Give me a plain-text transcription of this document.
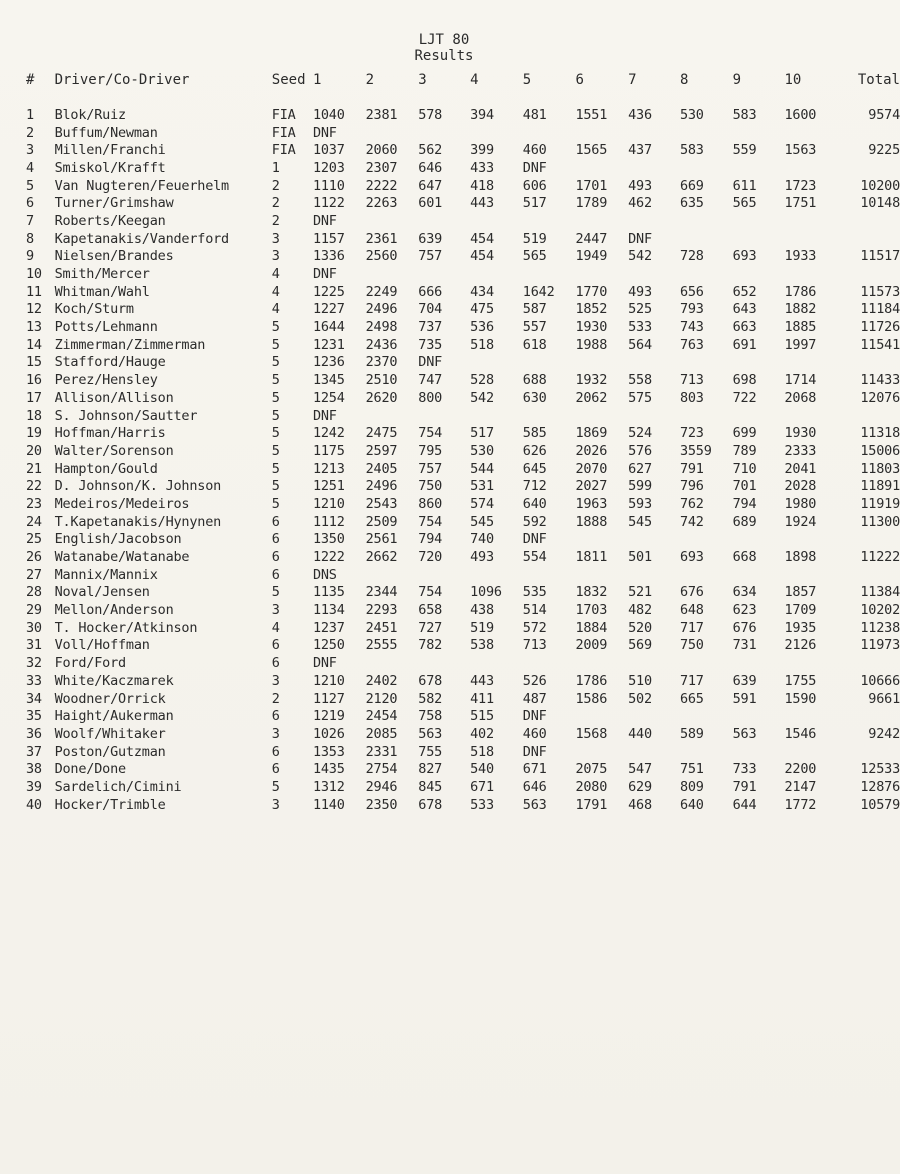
LJT 80
Results
#	Driver/Co-Driver	Seed	1	2	3	4	5	6	7	8	9	10	Total

1	Blok/Ruiz	FIA	1040	2381	578	394	481	1551	436	530	583	1600	9574
2	Buffum/Newman	FIA	DNF										
3	Millen/Franchi	FIA	1037	2060	562	399	460	1565	437	583	559	1563	9225
4	Smiskol/Krafft	1	1203	2307	646	433	DNF						
5	Van Nugteren/Feuerhelm	2	1110	2222	647	418	606	1701	493	669	611	1723	10200
6	Turner/Grimshaw	2	1122	2263	601	443	517	1789	462	635	565	1751	10148
7	Roberts/Keegan	2	DNF										
8	Kapetanakis/Vanderford	3	1157	2361	639	454	519	2447	DNF				
9	Nielsen/Brandes	3	1336	2560	757	454	565	1949	542	728	693	1933	11517
10	Smith/Mercer	4	DNF										
11	Whitman/Wahl	4	1225	2249	666	434	1642	1770	493	656	652	1786	11573
12	Koch/Sturm	4	1227	2496	704	475	587	1852	525	793	643	1882	11184
13	Potts/Lehmann	5	1644	2498	737	536	557	1930	533	743	663	1885	11726
14	Zimmerman/Zimmerman	5	1231	2436	735	518	618	1988	564	763	691	1997	11541
15	Stafford/Hauge	5	1236	2370	DNF								
16	Perez/Hensley	5	1345	2510	747	528	688	1932	558	713	698	1714	11433
17	Allison/Allison	5	1254	2620	800	542	630	2062	575	803	722	2068	12076
18	S. Johnson/Sautter	5	DNF										
19	Hoffman/Harris	5	1242	2475	754	517	585	1869	524	723	699	1930	11318
20	Walter/Sorenson	5	1175	2597	795	530	626	2026	576	3559	789	2333	15006
21	Hampton/Gould	5	1213	2405	757	544	645	2070	627	791	710	2041	11803
22	D. Johnson/K. Johnson	5	1251	2496	750	531	712	2027	599	796	701	2028	11891
23	Medeiros/Medeiros	5	1210	2543	860	574	640	1963	593	762	794	1980	11919
24	T.Kapetanakis/Hynynen	6	1112	2509	754	545	592	1888	545	742	689	1924	11300
25	English/Jacobson	6	1350	2561	794	740	DNF						
26	Watanabe/Watanabe	6	1222	2662	720	493	554	1811	501	693	668	1898	11222
27	Mannix/Mannix	6	DNS										
28	Noval/Jensen	5	1135	2344	754	1096	535	1832	521	676	634	1857	11384
29	Mellon/Anderson	3	1134	2293	658	438	514	1703	482	648	623	1709	10202
30	T. Hocker/Atkinson	4	1237	2451	727	519	572	1884	520	717	676	1935	11238
31	Voll/Hoffman	6	1250	2555	782	538	713	2009	569	750	731	2126	11973
32	Ford/Ford	6	DNF										
33	White/Kaczmarek	3	1210	2402	678	443	526	1786	510	717	639	1755	10666
34	Woodner/Orrick	2	1127	2120	582	411	487	1586	502	665	591	1590	9661
35	Haight/Aukerman	6	1219	2454	758	515	DNF						
36	Woolf/Whitaker	3	1026	2085	563	402	460	1568	440	589	563	1546	9242
37	Poston/Gutzman	6	1353	2331	755	518	DNF						
38	Done/Done	6	1435	2754	827	540	671	2075	547	751	733	2200	12533
39	Sardelich/Cimini	5	1312	2946	845	671	646	2080	629	809	791	2147	12876
40	Hocker/Trimble	3	1140	2350	678	533	563	1791	468	640	644	1772	10579
